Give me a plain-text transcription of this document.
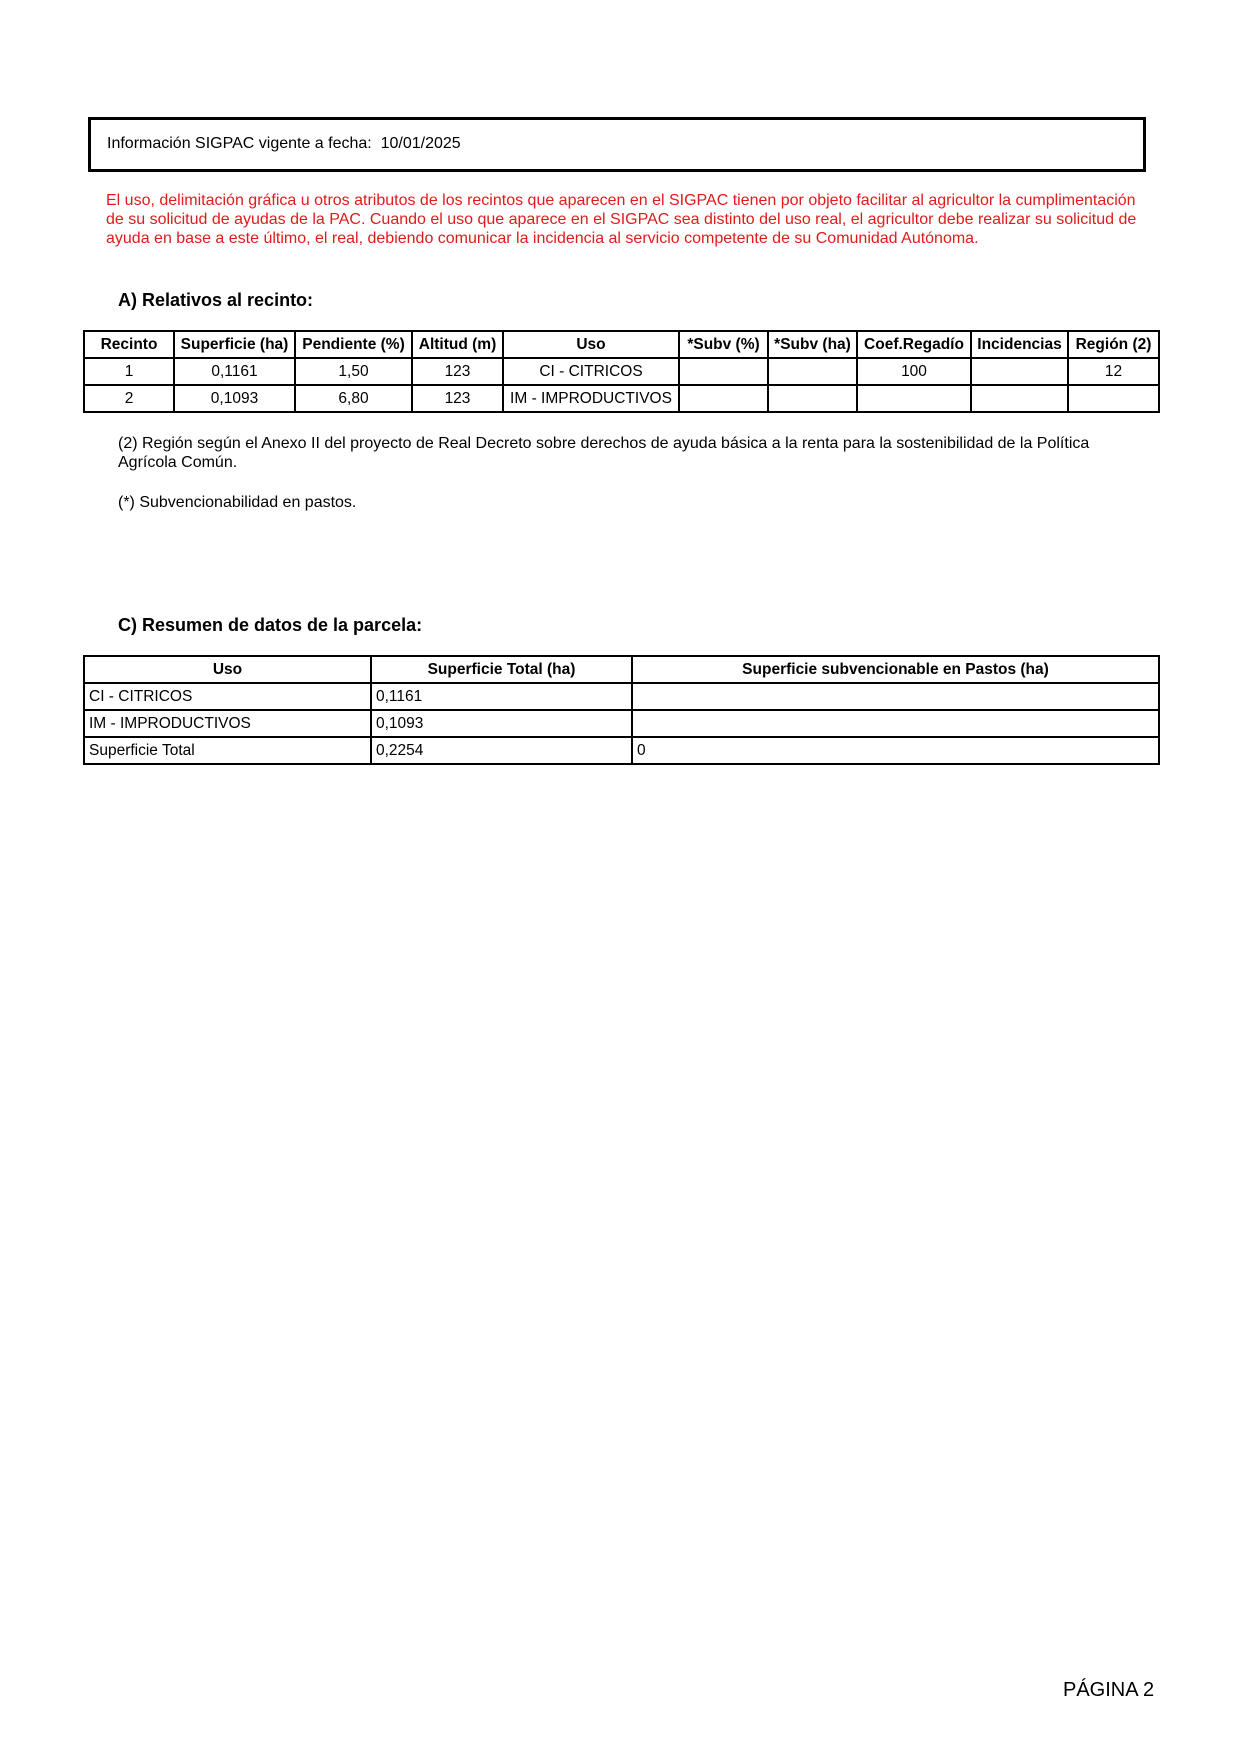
Información SIGPAC vigente a fecha: 10/01/2025
El uso, delimitación gráfica u otros atributos de los recintos que aparecen en el SIGPAC tienen por objeto facilitar al agricultor la cumplimentación de su solicitud de ayudas de la PAC. Cuando el uso que aparece en el SIGPAC sea distinto del uso real, el agricultor debe realizar su solicitud de ayuda en base a este último, el real, debiendo comunicar la incidencia al servicio competente de su Comunidad Autónoma.
A) Relativos al recinto:
Recinto	Superficie (ha)	Pendiente (%)	Altitud (m)	Uso	*Subv (%)	*Subv (ha)	Coef.Regadío	Incidencias	Región (2)
1	0,1161	1,50	123	CI - CITRICOS			100		12
2	0,1093	6,80	123	IM - IMPRODUCTIVOS					
(2) Región según el Anexo II del proyecto de Real Decreto sobre derechos de ayuda básica a la renta para la sostenibilidad de la Política Agrícola Común.
(*) Subvencionabilidad en pastos.
C) Resumen de datos de la parcela:
Uso	Superficie Total (ha)	Superficie subvencionable en Pastos (ha)
CI - CITRICOS	0,1161	
IM - IMPRODUCTIVOS	0,1093	
Superficie Total	0,2254	0
PÁGINA 2
